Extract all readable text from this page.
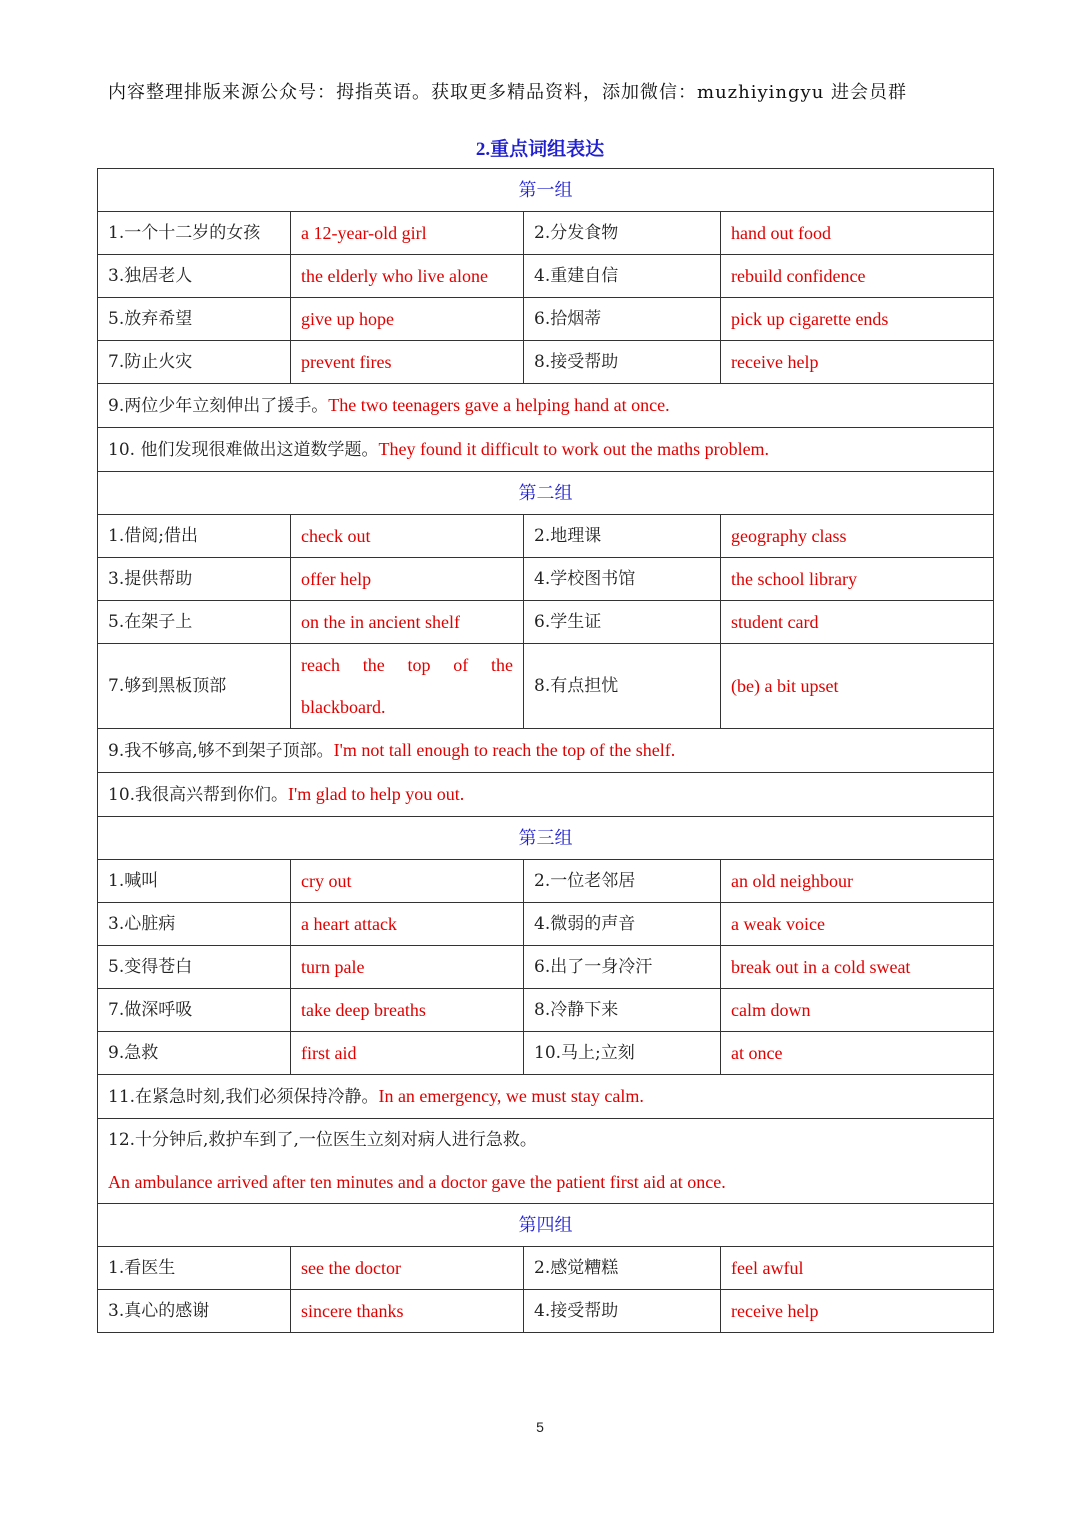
内容整理排版来源公众号：拇指英语。获取更多精品资料，添加微信：muzhiyingyu 进会员群
2.重点词组表达
第一组			
1.一个十二岁的女孩	a 12-year-old girl	2.分发食物	hand out food
3.独居老人	the elderly who live alone	4.重建自信	rebuild confidence
5.放弃希望	give up hope	6.拾烟蒂	pick up cigarette ends
7.防止火灾	prevent fires	8.接受帮助	receive help
9.两位少年立刻伸出了援手。The two teenagers gave a helping hand at once.			
10. 他们发现很难做出这道数学题。They found it difficult to work out the maths problem.			
第二组			
1.借阅;借出	check out	2.地理课	geography class
3.提供帮助	offer help	4.学校图书馆	the school library
5.在架子上	on the in ancient shelf	6.学生证	student card
7.够到黑板顶部	reach the top of the blackboard.	8.有点担忧	(be) a bit upset
9.我不够高,够不到架子顶部。I'm not tall enough to reach the top of the shelf.			
10.我很高兴帮到你们。I'm glad to help you out.			
第三组			
1.喊叫	cry out	2.一位老邻居	an old neighbour
3.心脏病	a heart attack	4.微弱的声音	a weak voice
5.变得苍白	turn pale	6.出了一身冷汗	break out in a cold sweat
7.做深呼吸	take deep breaths	8.冷静下来	calm down
9.急救	first aid	10.马上;立刻	at once
11.在紧急时刻,我们必须保持冷静。In an emergency, we must stay calm.			

12.十分钟后,救护车到了,一位医生立刻对病人进行急救。
An ambulance arrived after ten minutes and a doctor gave the patient first aid at once.			

第四组			
1.看医生	see the doctor	2.感觉糟糕	feel awful
3.真心的感谢	sincere thanks	4.接受帮助	receive help
5
